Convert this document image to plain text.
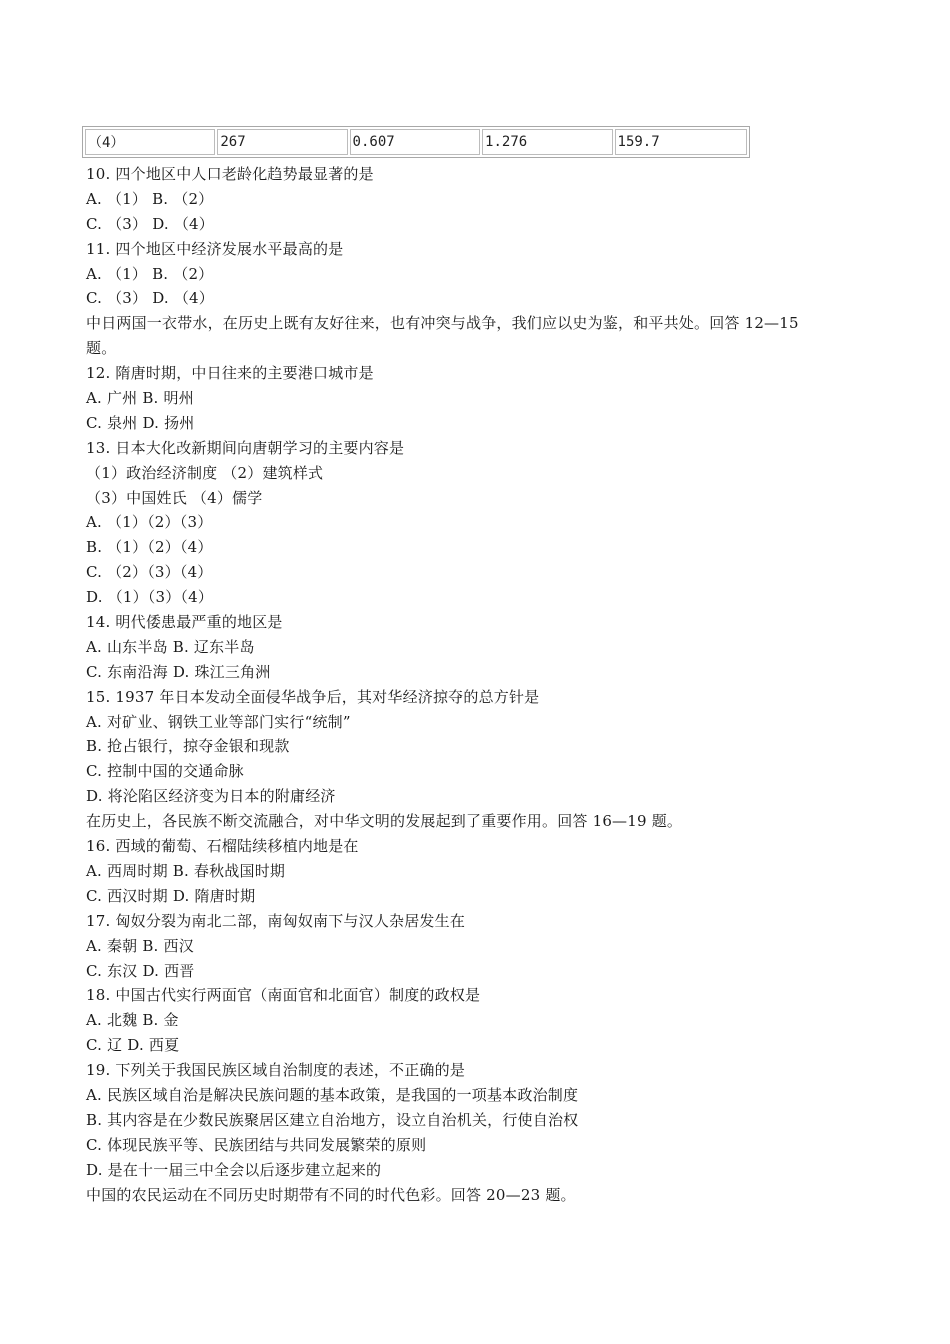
（4）	267	0.607	1.276	159.7
10. 四个地区中人口老龄化趋势最显著的是
A. （1） B. （2）
C. （3） D. （4）
11. 四个地区中经济发展水平最高的是
A. （1） B. （2）
C. （3） D. （4）
中日两国一衣带水，在历史上既有友好往来，也有冲突与战争，我们应以史为鉴，和平共处。回答 12—15
题。
12. 隋唐时期，中日往来的主要港口城市是
A. 广州 B. 明州
C. 泉州 D. 扬州
13. 日本大化改新期间向唐朝学习的主要内容是
（1）政治经济制度 （2）建筑样式
（3）中国姓氏 （4）儒学
A. （1）（2）（3）
B. （1）（2）（4）
C. （2）（3）（4）
D. （1）（3）（4）
14. 明代倭患最严重的地区是
A. 山东半岛 B. 辽东半岛
C. 东南沿海 D. 珠江三角洲
15. 1937 年日本发动全面侵华战争后，其对华经济掠夺的总方针是
A. 对矿业、钢铁工业等部门实行“统制”
B. 抢占银行，掠夺金银和现款
C. 控制中国的交通命脉
D. 将沦陷区经济变为日本的附庸经济
在历史上，各民族不断交流融合，对中华文明的发展起到了重要作用。回答 16—19 题。
16. 西域的葡萄、石榴陆续移植内地是在
A. 西周时期 B. 春秋战国时期
C. 西汉时期 D. 隋唐时期
17. 匈奴分裂为南北二部，南匈奴南下与汉人杂居发生在
A. 秦朝 B. 西汉
C. 东汉 D. 西晋
18. 中国古代实行两面官（南面官和北面官）制度的政权是
A. 北魏 B. 金
C. 辽 D. 西夏
19. 下列关于我国民族区域自治制度的表述，不正确的是
A. 民族区域自治是解决民族问题的基本政策，是我国的一项基本政治制度
B. 其内容是在少数民族聚居区建立自治地方，设立自治机关，行使自治权
C. 体现民族平等、民族团结与共同发展繁荣的原则
D. 是在十一届三中全会以后逐步建立起来的
中国的农民运动在不同历史时期带有不同的时代色彩。回答 20—23 题。
